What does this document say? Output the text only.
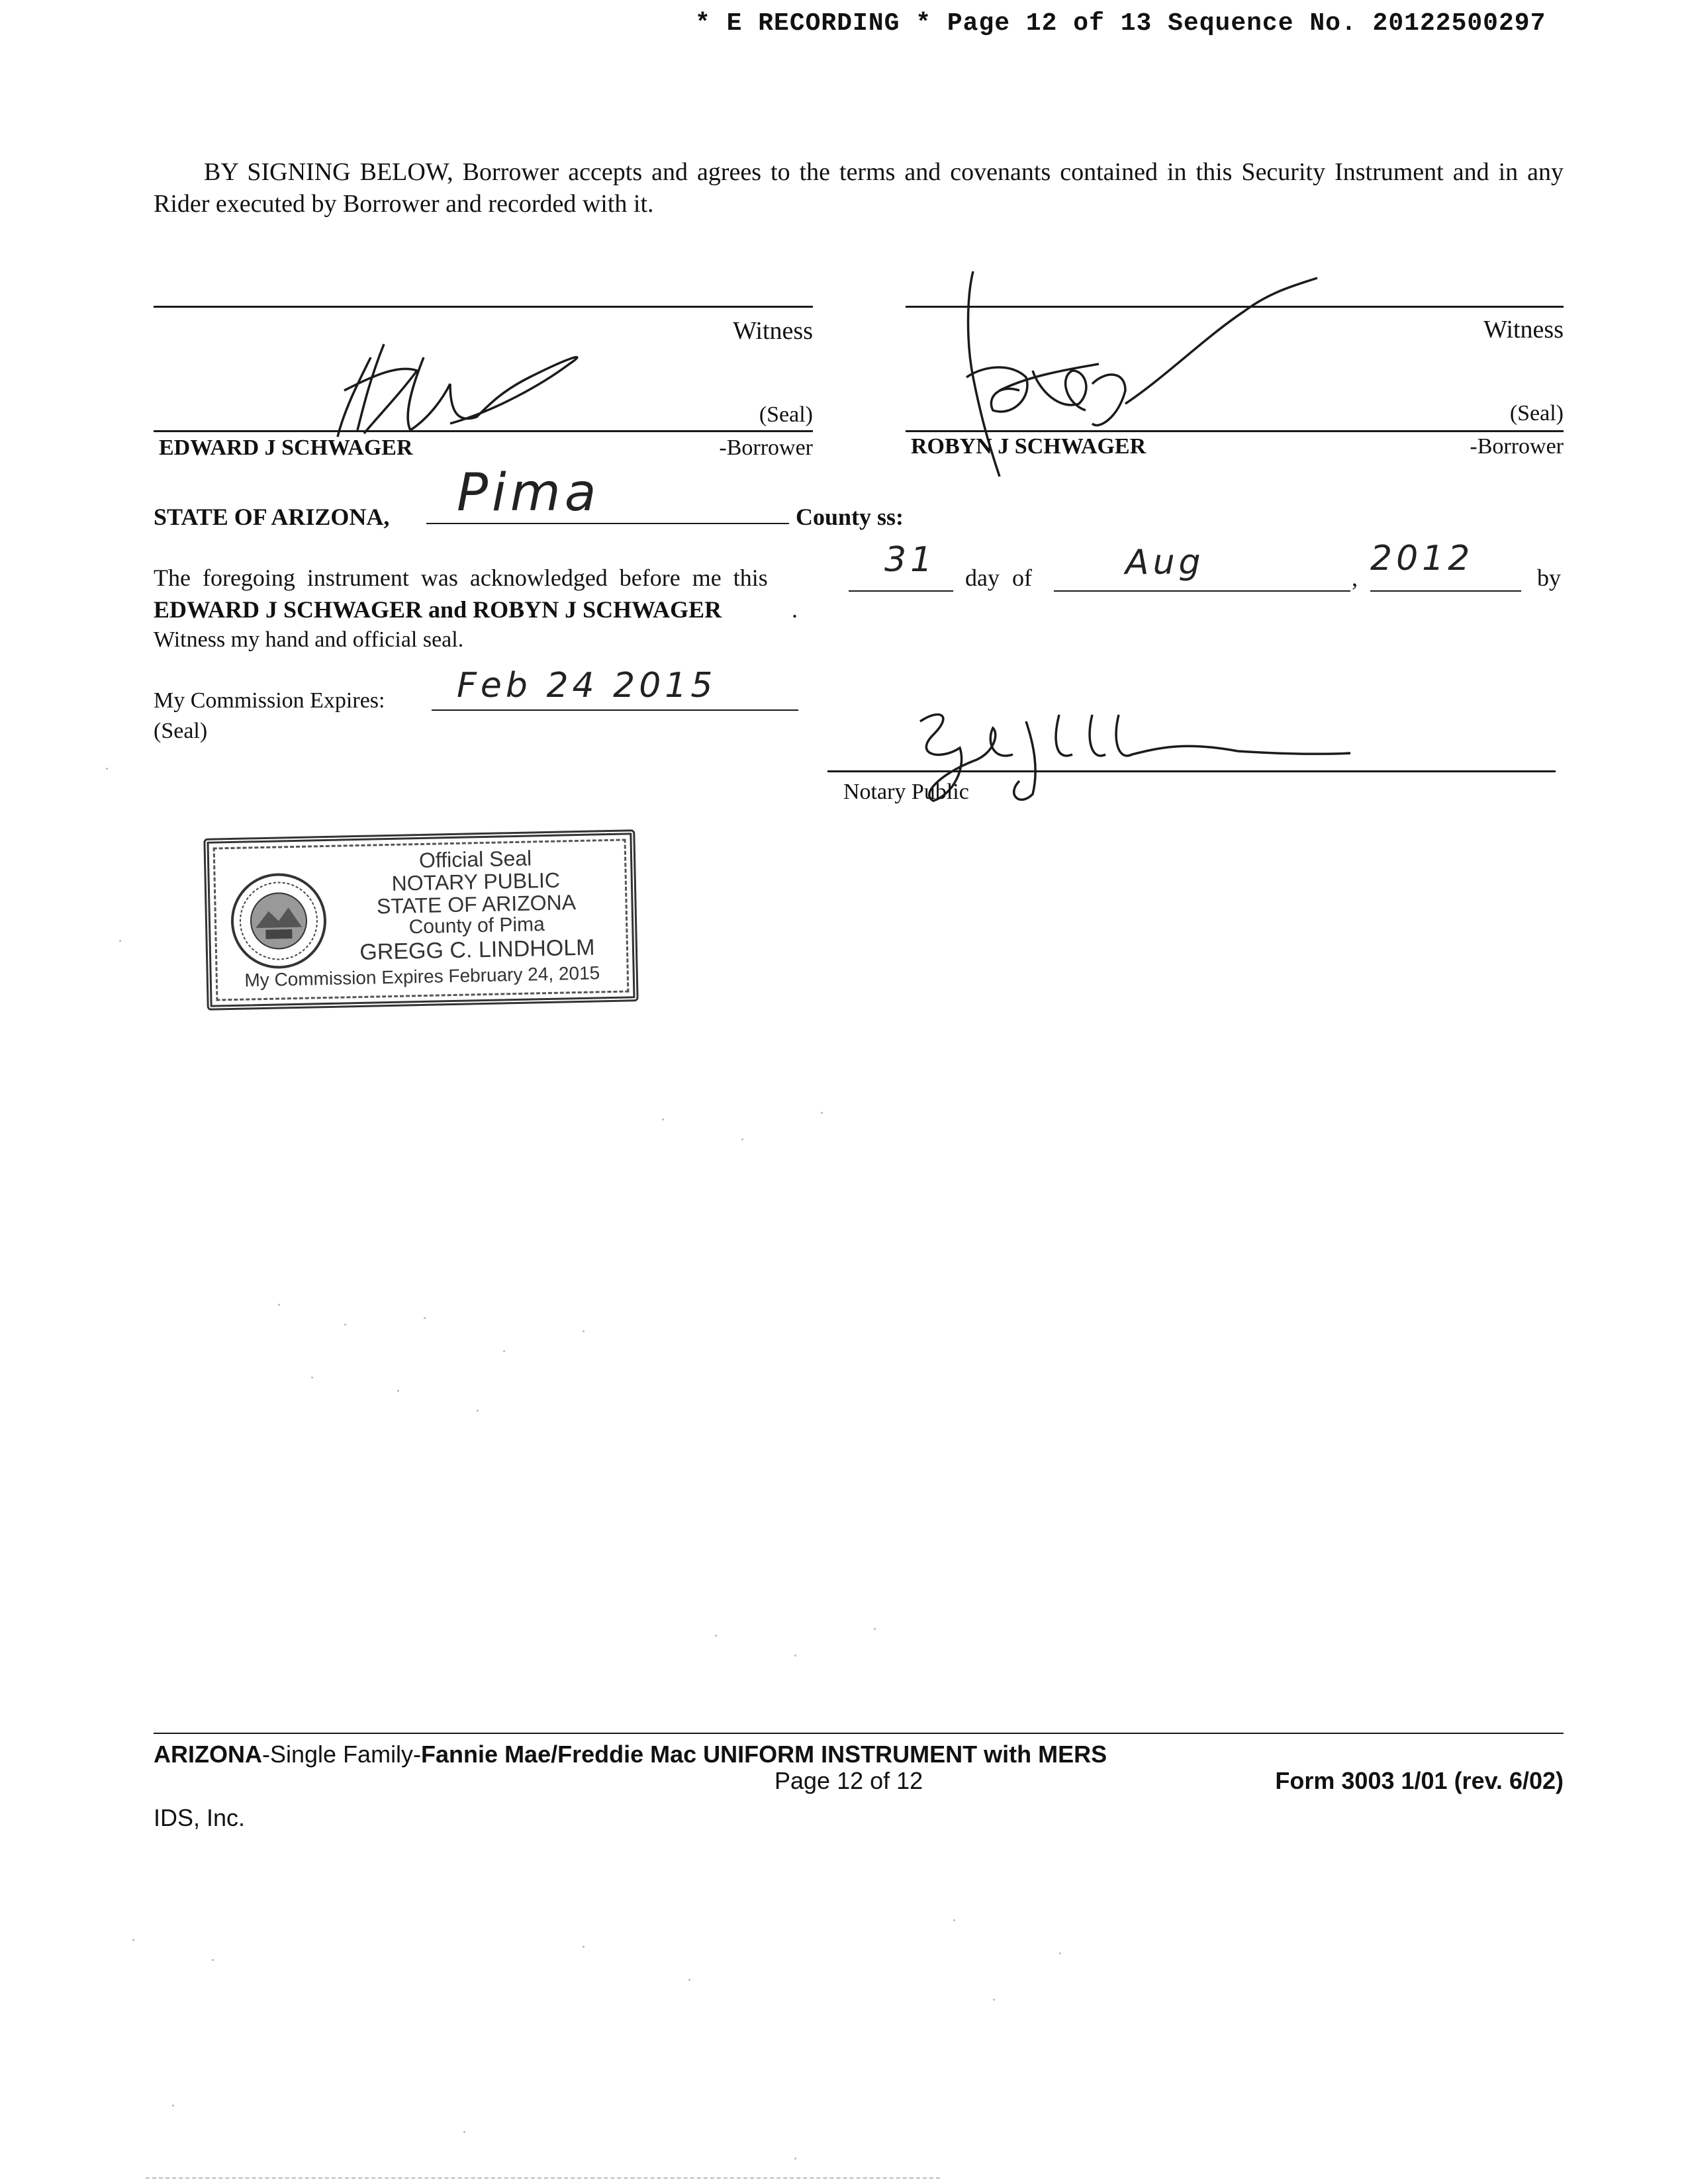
* E RECORDING * Page 12 of 13 Sequence No. 20122500297
BY SIGNING BELOW, Borrower accepts and agrees to the terms and covenants contained in this Security Instrument and in any Rider executed by Borrower and recorded with it.
Witness	Witness
(Seal)	(Seal)
EDWARD J SCHWAGER	-Borrower	ROBYN J SCHWAGER	-Borrower
STATE OF ARIZONA, Pima	County ss:
The foregoing instrument was acknowledged before me this	31 day of	Aug	, 2012	by
EDWARD J SCHWAGER and ROBYN J SCHWAGER	.
Witness my hand and official seal.
My Commission Expires: Feb 24 2015
(Seal)
Notary Public
Official Seal
NOTARY PUBLIC
STATE OF ARIZONA
County of Pima
GREGG C. LINDHOLM
My Commission Expires February 24, 2015
ARIZONA-Single Family-Fannie Mae/Freddie Mac UNIFORM INSTRUMENT with MERS
Page 12 of 12	Form 3003 1/01 (rev. 6/02)
IDS, Inc.
